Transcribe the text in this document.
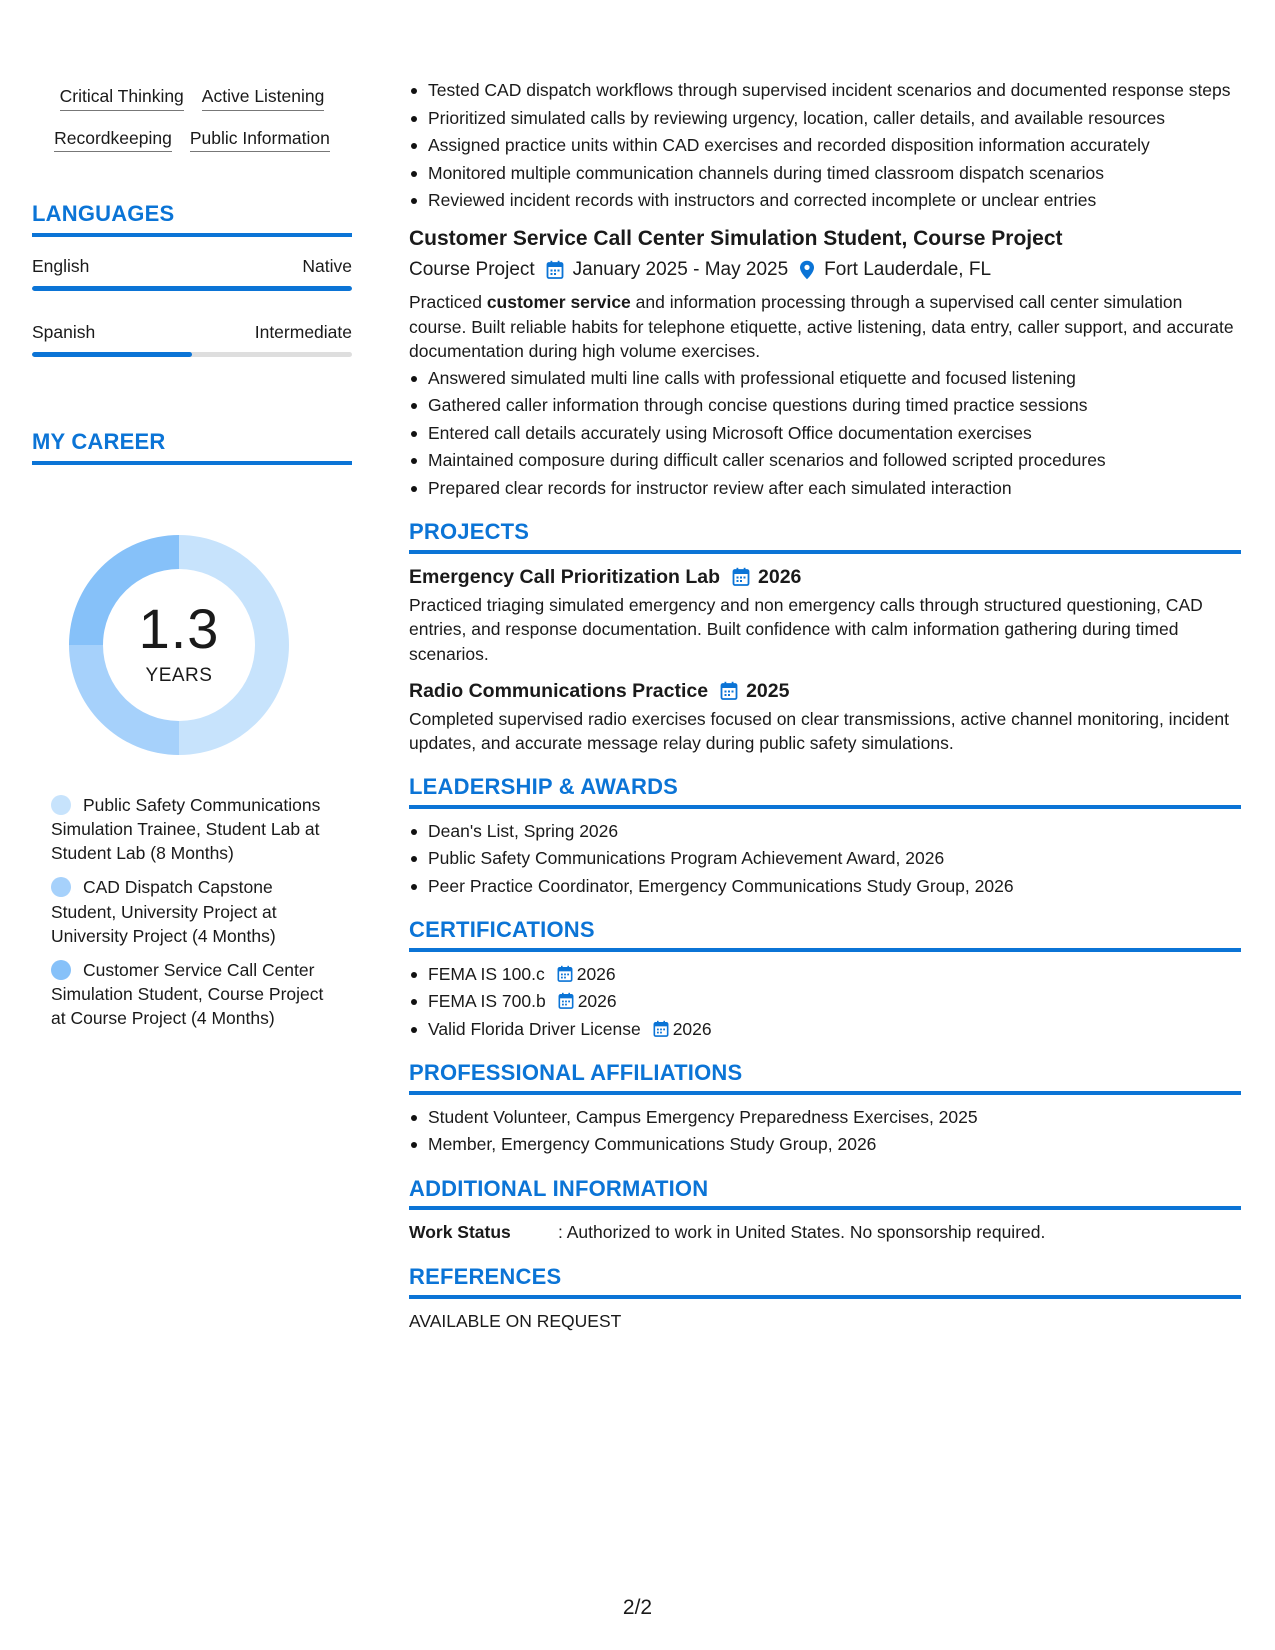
Critical Thinking Active Listening
Recordkeeping Public Information
LANGUAGES
English	Native
Spanish	Intermediate
MY CAREER
1.3
YEARS
Public Safety Communications Simulation Trainee, Student Lab at Student Lab (8 Months)
CAD Dispatch Capstone Student, University Project at University Project (4 Months)
Customer Service Call Center Simulation Student, Course Project at Course Project (4 Months)
Tested CAD dispatch workflows through supervised incident scenarios and documented response steps
Prioritized simulated calls by reviewing urgency, location, caller details, and available resources
Assigned practice units within CAD exercises and recorded disposition information accurately
Monitored multiple communication channels during timed classroom dispatch scenarios
Reviewed incident records with instructors and corrected incomplete or unclear entries
Customer Service Call Center Simulation Student, Course Project
Course Project January 2025 - May 2025 Fort Lauderdale, FL
Practiced customer service and information processing through a supervised call center simulation course. Built reliable habits for telephone etiquette, active listening, data entry, caller support, and accurate documentation during high volume exercises.
Answered simulated multi line calls with professional etiquette and focused listening
Gathered caller information through concise questions during timed practice sessions
Entered call details accurately using Microsoft Office documentation exercises
Maintained composure during difficult caller scenarios and followed scripted procedures
Prepared clear records for instructor review after each simulated interaction
PROJECTS
Emergency Call Prioritization Lab 2026
Practiced triaging simulated emergency and non emergency calls through structured questioning, CAD entries, and response documentation. Built confidence with calm information gathering during timed scenarios.
Radio Communications Practice 2025
Completed supervised radio exercises focused on clear transmissions, active channel monitoring, incident updates, and accurate message relay during public safety simulations.
LEADERSHIP & AWARDS
Dean's List, Spring 2026
Public Safety Communications Program Achievement Award, 2026
Peer Practice Coordinator, Emergency Communications Study Group, 2026
CERTIFICATIONS
FEMA IS 100.c 2026
FEMA IS 700.b 2026
Valid Florida Driver License 2026
PROFESSIONAL AFFILIATIONS
Student Volunteer, Campus Emergency Preparedness Exercises, 2025
Member, Emergency Communications Study Group, 2026
ADDITIONAL INFORMATION
Work Status	: Authorized to work in United States. No sponsorship required.
REFERENCES
AVAILABLE ON REQUEST
2/2
